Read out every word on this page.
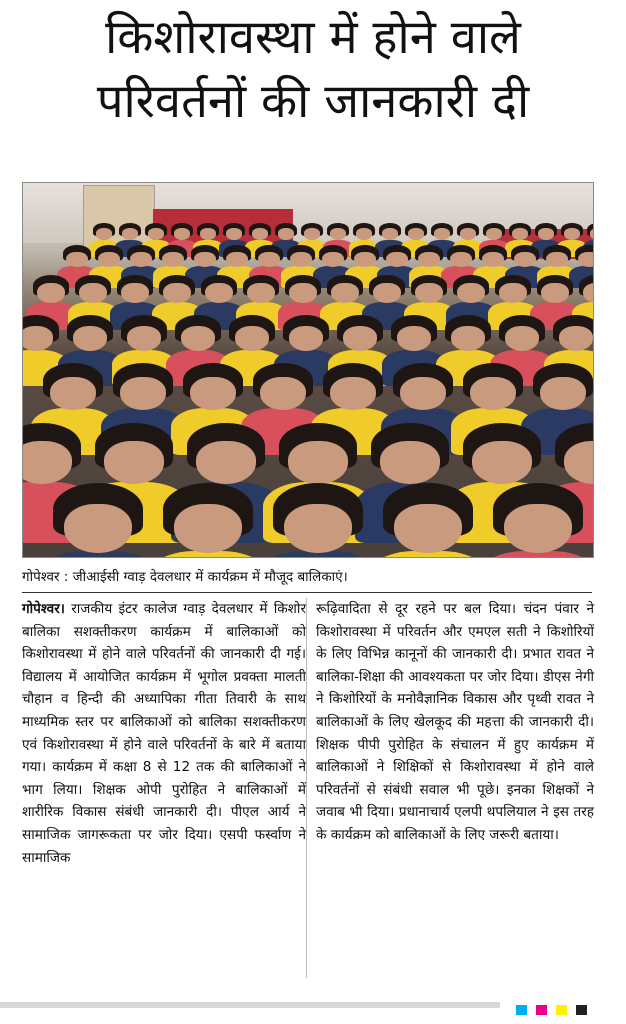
किशोरावस्था में होने वाले
परिवर्तनों की जानकारी दी
गोपेश्वर : जीआईसी ग्वाड़ देवलधार में कार्यक्रम में मौजूद बालिकाएं।
गोपेश्वर। राजकीय इंटर कालेज ग्वाड़ देवलधार में किशोर बालिका सशक्तीकरण कार्यक्रम में बालिकाओं को किशोरावस्था में होने वाले परिवर्तनों की जानकारी दी गई। विद्यालय में आयोजित कार्यक्रम में भूगोल प्रवक्ता मालती चौहान व हिन्दी की अध्यापिका गीता तिवारी के साथ माध्यमिक स्तर पर बालिकाओं को बालिका सशक्तीकरण एवं किशोरावस्था में होने वाले परिवर्तनों के बारे में बताया गया। कार्यक्रम में कक्षा 8 से 12 तक की बालिकाओं ने भाग लिया। शिक्षक ओपी पुरोहित ने बालिकाओं में शारीरिक विकास संबंधी जानकारी दी। पीएल आर्य ने सामाजिक जागरूकता पर जोर दिया। एसपी फर्स्वाण ने सामाजिक
रूढ़िवादिता से दूर रहने पर बल दिया। चंदन पंवार ने किशोरावस्था में परिवर्तन और एमएल सती ने किशोरियों के लिए विभिन्न कानूनों की जानकारी दी। प्रभात रावत ने बालिका-शिक्षा की आवश्यकता पर जोर दिया। डीएस नेगी ने किशोरियों के मनोवैज्ञानिक विकास और पृथ्वी रावत ने बालिकाओं के लिए खेलकूद की महत्ता की जानकारी दी। शिक्षक पीपी पुरोहित के संचालन में हुए कार्यक्रम में बालिकाओं ने शिक्षिकों से किशोरावस्था में होने वाले परिवर्तनों से संबंधी सवाल भी पूछे। इनका शिक्षकों ने जवाब भी दिया। प्रधानाचार्य एलपी थपलियाल ने इस तरह के कार्यक्रम को बालिकाओं के लिए जरूरी बताया।
